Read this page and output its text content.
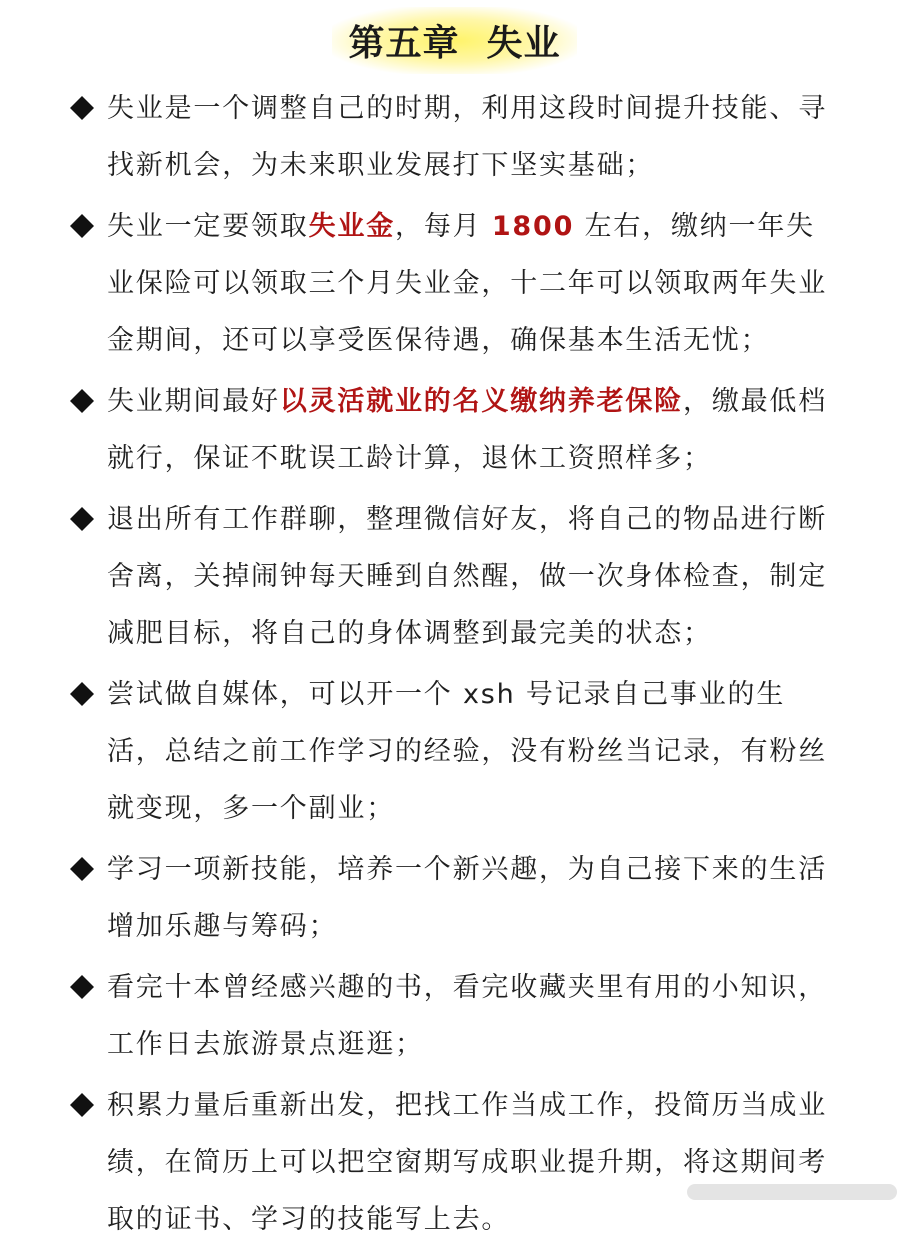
第五章  失业
失业是一个调整自己的时期，利用这段时间提升技能、寻找新机会，为未来职业发展打下坚实基础；
失业一定要领取失业金，每月 1800 左右，缴纳一年失业保险可以领取三个月失业金，十二年可以领取两年失业金期间，还可以享受医保待遇，确保基本生活无忧；
失业期间最好以灵活就业的名义缴纳养老保险，缴最低档就行，保证不耽误工龄计算，退休工资照样多；
退出所有工作群聊，整理微信好友，将自己的物品进行断舍离，关掉闹钟每天睡到自然醒，做一次身体检查，制定减肥目标，将自己的身体调整到最完美的状态；
尝试做自媒体，可以开一个 xsh 号记录自己事业的生活，总结之前工作学习的经验，没有粉丝当记录，有粉丝就变现，多一个副业；
学习一项新技能，培养一个新兴趣，为自己接下来的生活增加乐趣与筹码；
看完十本曾经感兴趣的书，看完收藏夹里有用的小知识，工作日去旅游景点逛逛；
积累力量后重新出发，把找工作当成工作，投简历当成业绩，在简历上可以把空窗期写成职业提升期，将这期间考取的证书、学习的技能写上去。
